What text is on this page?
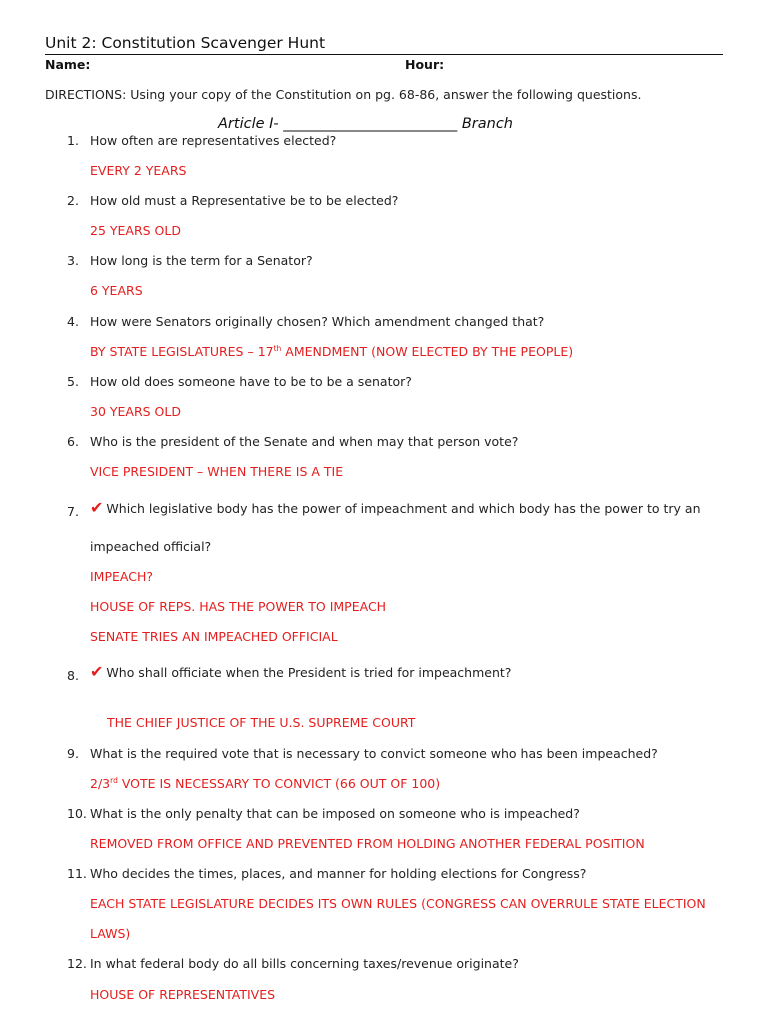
Unit 2: Constitution Scavenger Hunt
Name:	Hour:
DIRECTIONS: Using your copy of the Constitution on pg. 68-86, answer the following questions.
Article I- ________________________ Branch
1. How often are representatives elected?
EVERY 2 YEARS
2. How old must a Representative be to be elected?
25 YEARS OLD
3. How long is the term for a Senator?
6 YEARS
4. How were Senators originally chosen? Which amendment changed that?
BY STATE LEGISLATURES – 17th AMENDMENT (NOW ELECTED BY THE PEOPLE)
5. How old does someone have to be to be a senator?
30 YEARS OLD
6. Who is the president of the Senate and when may that person vote?
VICE PRESIDENT – WHEN THERE IS A TIE
7. ✔ Which legislative body has the power of impeachment and which body has the power to try an
impeached official?
IMPEACH?
HOUSE OF REPS. HAS THE POWER TO IMPEACH
SENATE TRIES AN IMPEACHED OFFICIAL
8. ✔ Who shall officiate when the President is tried for impeachment?
THE CHIEF JUSTICE OF THE U.S. SUPREME COURT
9. What is the required vote that is necessary to convict someone who has been impeached?
2/3rd VOTE IS NECESSARY TO CONVICT (66 OUT OF 100)
10. What is the only penalty that can be imposed on someone who is impeached?
REMOVED FROM OFFICE AND PREVENTED FROM HOLDING ANOTHER FEDERAL POSITION
11. Who decides the times, places, and manner for holding elections for Congress?
EACH STATE LEGISLATURE DECIDES ITS OWN RULES (CONGRESS CAN OVERRULE STATE ELECTION
LAWS)
12. In what federal body do all bills concerning taxes/revenue originate?
HOUSE OF REPRESENTATIVES
